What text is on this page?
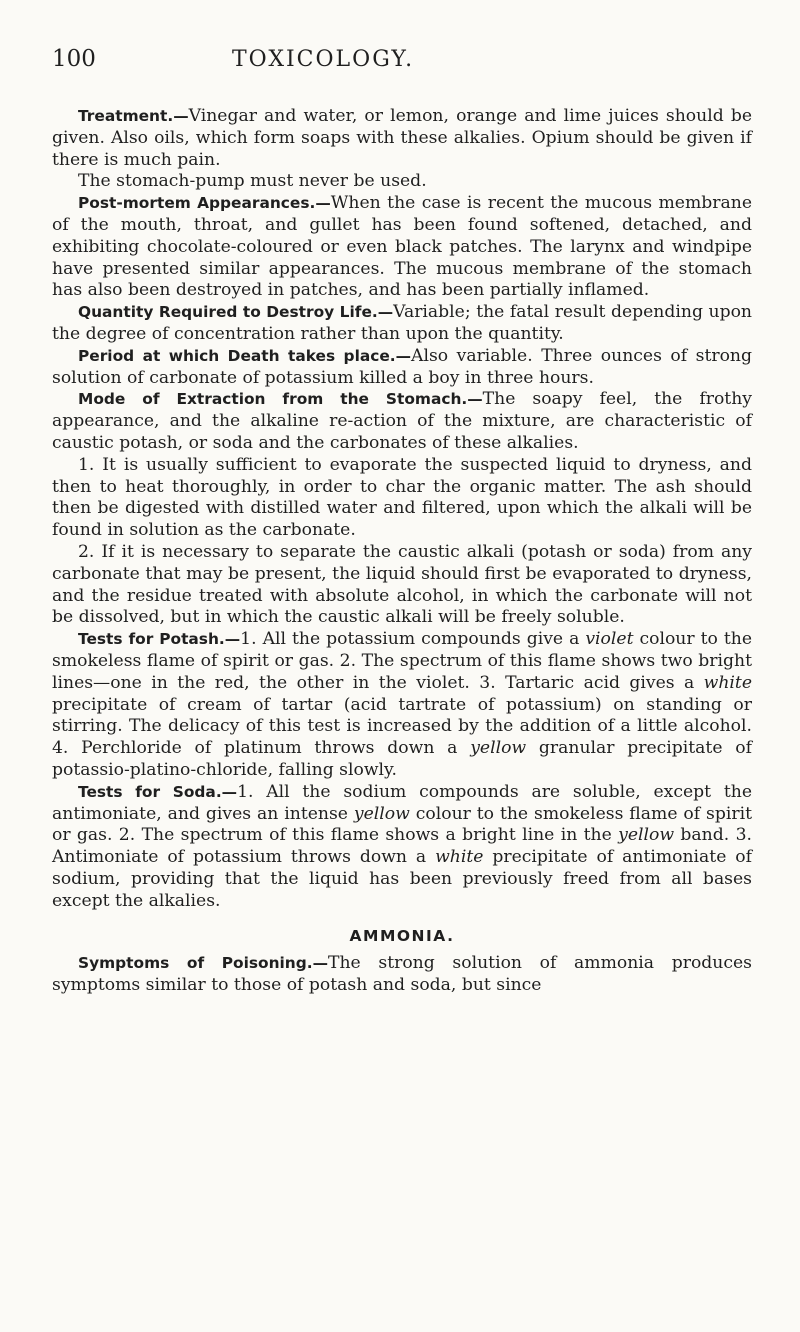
100	TOXICOLOGY.

Treatment.—Vinegar and water, or lemon, orange and lime juices should be given. Also oils, which form soaps with these alkalies. Opium should be given if there is much pain.

The stomach-pump must never be used.

Post-mortem Appearances.—When the case is recent the mucous membrane of the mouth, throat, and gullet has been found softened, detached, and exhibiting chocolate-coloured or even black patches. The larynx and windpipe have presented similar appearances. The mucous membrane of the stomach has also been destroyed in patches, and has been partially inflamed.

Quantity Required to Destroy Life.—Variable; the fatal result depending upon the degree of concentration rather than upon the quantity.

Period at which Death takes place.—Also variable. Three ounces of strong solution of carbonate of potassium killed a boy in three hours.

Mode of Extraction from the Stomach.—The soapy feel, the frothy appearance, and the alkaline re-action of the mixture, are characteristic of caustic potash, or soda and the carbonates of these alkalies.

1. It is usually sufficient to evaporate the suspected liquid to dryness, and then to heat thoroughly, in order to char the organic matter. The ash should then be digested with distilled water and filtered, upon which the alkali will be found in solution as the carbonate.

2. If it is necessary to separate the caustic alkali (potash or soda) from any carbonate that may be present, the liquid should first be evaporated to dryness, and the residue treated with absolute alcohol, in which the carbonate will not be dissolved, but in which the caustic alkali will be freely soluble.

Tests for Potash.—1. All the potassium compounds give a violet colour to the smokeless flame of spirit or gas. 2. The spectrum of this flame shows two bright lines—one in the red, the other in the violet. 3. Tartaric acid gives a white precipitate of cream of tartar (acid tartrate of potassium) on standing or stirring. The delicacy of this test is increased by the addition of a little alcohol. 4. Perchloride of platinum throws down a yellow granular precipitate of potassio-platino-chloride, falling slowly.

Tests for Soda.—1. All the sodium compounds are soluble, except the antimoniate, and gives an intense yellow colour to the smokeless flame of spirit or gas. 2. The spectrum of this flame shows a bright line in the yellow band. 3. Antimoniate of potassium throws down a white precipitate of antimoniate of sodium, providing that the liquid has been previously freed from all bases except the alkalies.

AMMONIA.

Symptoms of Poisoning.—The strong solution of ammonia produces symptoms similar to those of potash and soda, but since
